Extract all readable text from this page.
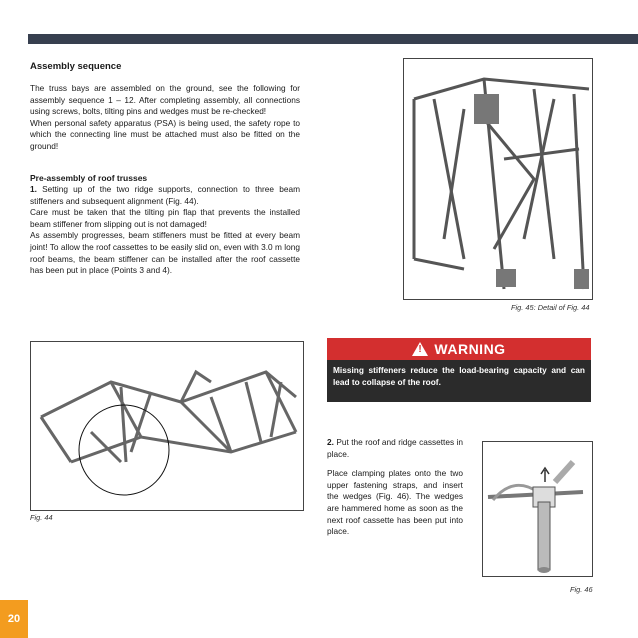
Assembly sequence

The truss bays are assembled on the ground, see the following for assembly sequence 1 – 12. After completing assembly, all connections using screws, bolts, tilting pins and wedges must be re-checked!

When personal safety apparatus (PSA) is being used, the safety rope to which the connecting line must be attached must also be fitted on the ground!

Pre-assembly of roof trusses

1. Setting up of the two ridge supports, connection to three beam stiffeners and subsequent alignment (Fig. 44).

Care must be taken that the tilting pin flap that prevents the installed beam stiffener from slipping out is not damaged!

As assembly progresses, beam stiffeners must be fitted at every beam joint! To allow the roof cassettes to be easily slid on, even with 3.0 m long roof beams, the beam stiffener can be installed after the roof cassette has been put in place (Points 3 and 4).

Fig. 45: Detail of Fig. 44
Fig. 44
! WARNING
Missing stiffeners reduce the load-bearing capacity and can lead to collapse of the roof.

2. Put the roof and ridge cassettes in place.

Place clamping plates onto the two upper fastening straps, and insert the wedges (Fig. 46). The wedges are hammered home as soon as the next roof cassette has been put into place.

Fig. 46
20
